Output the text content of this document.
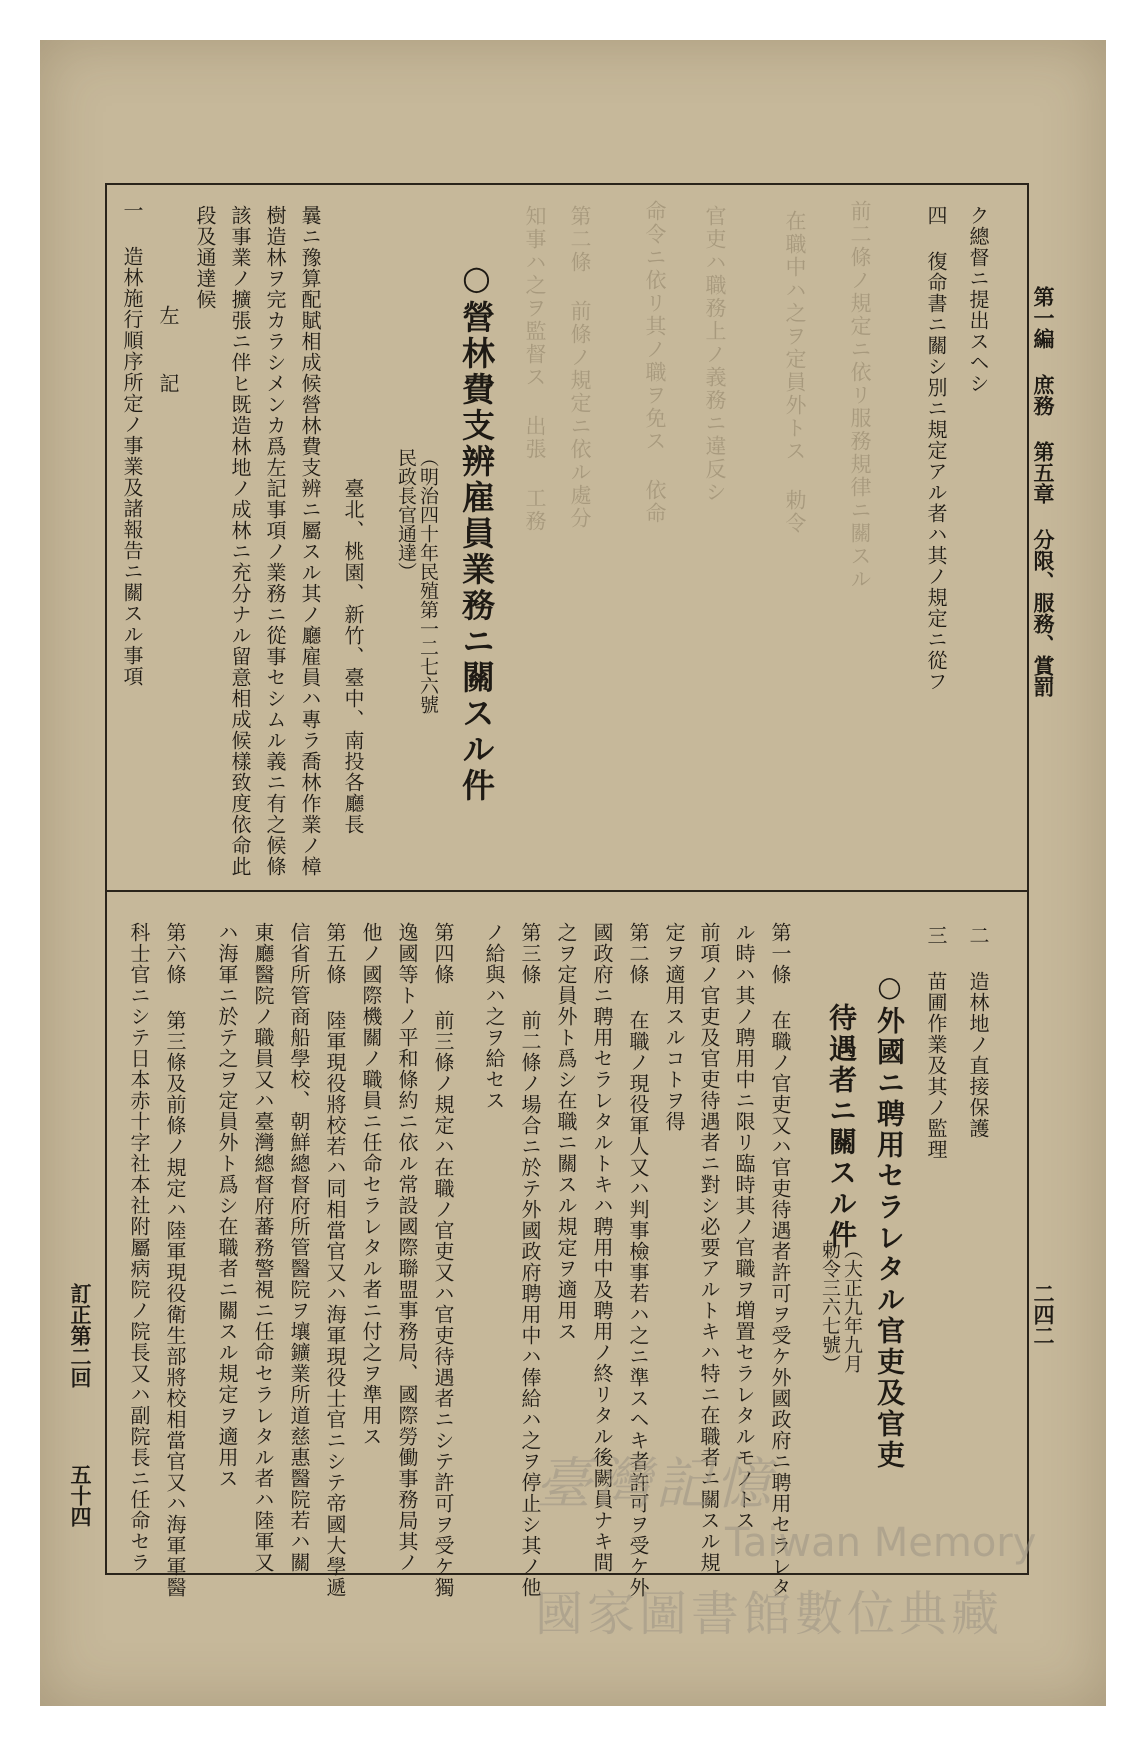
前二條ノ規定ニ依リ服務規律ニ關スル
在職中ハ之ヲ定員外トス 勅令
官吏ハ職務上ノ義務ニ違反シ
命令ニ依リ其ノ職ヲ免ス 依命
第二條 前條ノ規定ニ依ル處分
知事ハ之ヲ監督ス 出張 工務	第一編 庶務 第五章 分限、服務、賞罰
二四二
ク總督ニ提出スヘシ
四 復命書ニ關シ別ニ規定アル者ハ其ノ規定ニ從フ
○營林費支辨雇員業務ニ關スル件
（明治四十年民殖第一二七六號
民政長官通達）
臺北、桃園、新竹、臺中、南投各廳長
曩ニ豫算配賦相成候營林費支辨ニ屬スル其ノ廳雇員ハ專ラ喬林作業ノ樟
樹造林ヲ完カラシメンカ爲左記事項ノ業務ニ從事セシムル義ニ有之候條
該事業ノ擴張ニ伴ヒ既造林地ノ成林ニ充分ナル留意相成候樣致度依命此
段及通達候
左 記
一 造林施行順序所定ノ事業及諸報告ニ關スル事項
二 造林地ノ直接保護
三 苗圃作業及其ノ監理
○外國ニ聘用セラレタル官吏及官吏
待遇者ニ關スル件
（大正九年九月
勅令三六七號）
第一條 在職ノ官吏又ハ官吏待遇者許可ヲ受ケ外國政府ニ聘用セラレタ
ル時ハ其ノ聘用中ニ限リ臨時其ノ官職ヲ増置セラレタルモノトス
前項ノ官吏及官吏待遇者ニ對シ必要アルトキハ特ニ在職者ニ關スル規
定ヲ適用スルコトヲ得
第二條 在職ノ現役軍人又ハ判事檢事若ハ之ニ準スヘキ者許可ヲ受ケ外
國政府ニ聘用セラレタルトキハ聘用中及聘用ノ終リタル後闕員ナキ間
之ヲ定員外ト爲シ在職ニ關スル規定ヲ適用ス
第三條 前二條ノ場合ニ於テ外國政府聘用中ハ俸給ハ之ヲ停止シ其ノ他
ノ給與ハ之ヲ給セス
第四條 前三條ノ規定ハ在職ノ官吏又ハ官吏待遇者ニシテ許可ヲ受ケ獨
逸國等トノ平和條約ニ依ル常設國際聯盟事務局、國際勞働事務局其ノ
他ノ國際機關ノ職員ニ任命セラレタル者ニ付之ヲ準用ス
第五條 陸軍現役將校若ハ同相當官又ハ海軍現役士官ニシテ帝國大學遞
信省所管商船學校、朝鮮總督府所管醫院ヲ壤鑛業所道慈惠醫院若ハ關
東廳醫院ノ職員又ハ臺灣總督府蕃務警視ニ任命セラレタル者ハ陸軍又
ハ海軍ニ於テ之ヲ定員外ト爲シ在職者ニ關スル規定ヲ適用ス
第六條 第三條及前條ノ規定ハ陸軍現役衛生部將校相當官又ハ海軍軍醫
科士官ニシテ日本赤十字社本社附屬病院ノ院長又ハ副院長ニ任命セラ
訂正第二回
五十四	臺灣記憶
Taiwan Memory
國家圖書館數位典藏
